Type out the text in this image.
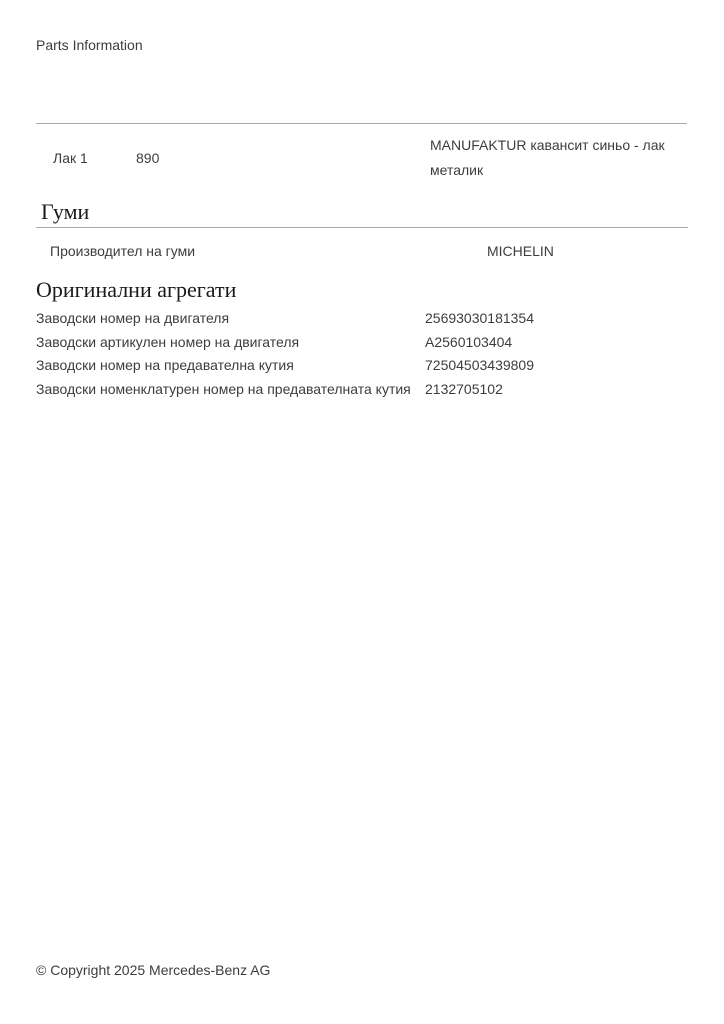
Parts Information
Лак 1	890
MANUFAKTUR кавансит синьо - лак металик
Гуми
Производител на гуми	MICHELIN
Оригинални агрегати
Заводски номер на двигателя	25693030181354
Заводски артикулен номер на двигателя	A2560103404
Заводски номер на предавателна кутия	72504503439809
Заводски номенклатурен номер на предавателната кутия 2132705102
© Copyright 2025 Mercedes-Benz AG
